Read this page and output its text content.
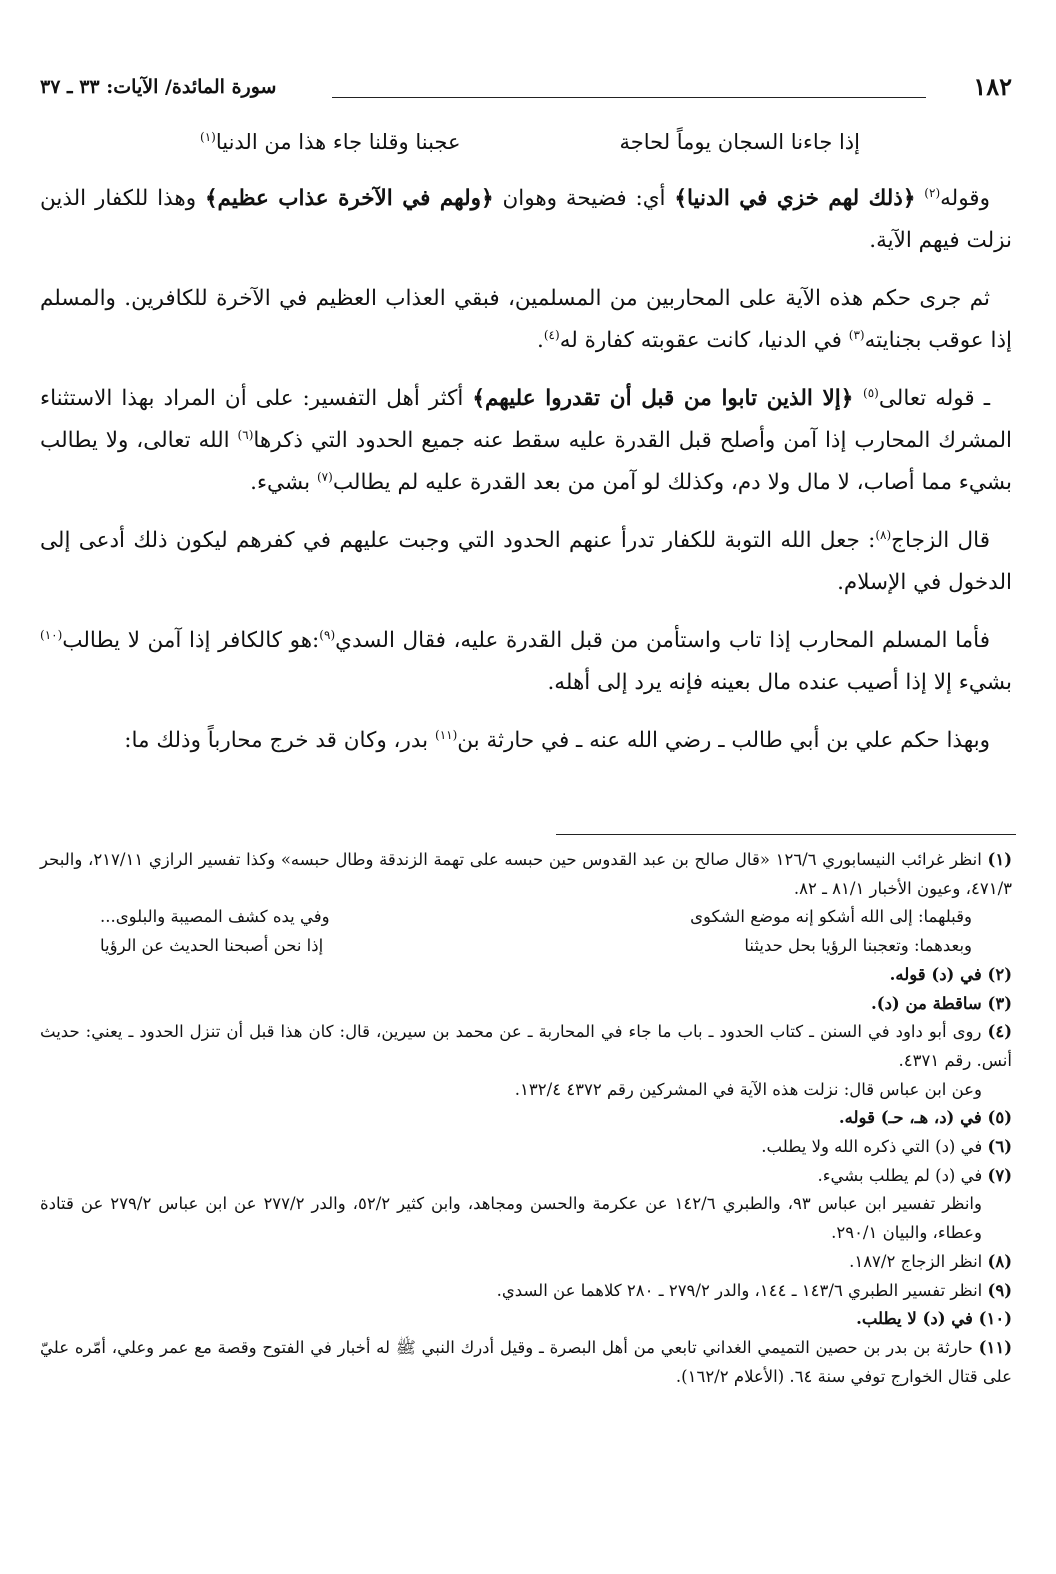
١٨٢
سورة المائدة/ الآيات: ٣٣ ـ ٣٧
إذا جاءنا السجان يوماً لحاجة
عجبنا وقلنا جاء هذا من الدنيا$^{(١)}$

وقوله$^{(٢)}$ ﴿ذلك لهم خزي في الدنيا﴾ أي: فضيحة وهوان ﴿ولهم في الآخرة عذاب عظيم﴾ وهذا للكفار الذين نزلت فيهم الآية.

ثم جرى حكم هذه الآية على المحاربين من المسلمين، فبقي العذاب العظيم في الآخرة للكافرين. والمسلم إذا عوقب بجنايته$^{(٣)}$ في الدنيا، كانت عقوبته كفارة له$^{(٤)}$.

ـ قوله تعالى$^{(٥)}$ ﴿إلا الذين تابوا من قبل أن تقدروا عليهم﴾ أكثر أهل التفسير: على أن المراد بهذا الاستثناء المشرك المحارب إذا آمن وأصلح قبل القدرة عليه سقط عنه جميع الحدود التي ذكرها$^{(٦)}$ الله تعالى، ولا يطالب بشيء مما أصاب، لا مال ولا دم، وكذلك لو آمن من بعد القدرة عليه لم يطالب$^{(٧)}$ بشيء.

قال الزجاج$^{(٨)}$: جعل الله التوبة للكفار تدرأ عنهم الحدود التي وجبت عليهم في كفرهم ليكون ذلك أدعى إلى الدخول في الإسلام.

فأما المسلم المحارب إذا تاب واستأمن من قبل القدرة عليه، فقال السدي$^{(٩)}$:هو كالكافر إذا آمن لا يطالب$^{(١٠)}$ بشيء إلا إذا أصيب عنده مال بعينه فإنه يرد إلى أهله.

وبهذا حكم علي بن أبي طالب ـ رضي الله عنه ـ في حارثة بن$^{(١١)}$ بدر، وكان قد خرج محارباً وذلك ما:

(١) انظر غرائب النيسابوري ١٢٦/٦ «قال صالح بن عبد القدوس حين حبسه على تهمة الزندقة وطال حبسه» وكذا تفسير الرازي ٢١٧/١١، والبحر ٤٧١/٣، وعيون الأخبار ٨١/١ ـ ٨٢.

وقبلهما: إلى الله أشكو إنه موضع الشكوى
وفي يده كشف المصيبة والبلوى...
وبعدهما: وتعجبنا الرؤيا بحل حديثنا
إذا نحن أصبحنا الحديث عن الرؤيا

(٢) في (د) قوله.

(٣) ساقطة من (د).

(٤) روى أبو داود في السنن ـ كتاب الحدود ـ باب ما جاء في المحاربة ـ عن محمد بن سيرين، قال: كان هذا قبل أن تنزل الحدود ـ يعني: حديث أنس. رقم ٤٣٧١.

وعن ابن عباس قال: نزلت هذه الآية في المشركين رقم ٤٣٧٢ ١٣٢/٤.

(٥) في (د، هـ، حـ) قوله.

(٦) في (د) التي ذكره الله ولا يطلب.

(٧) في (د) لم يطلب بشيء.

وانظر تفسير ابن عباس ٩٣، والطبري ١٤٢/٦ عن عكرمة والحسن ومجاهد، وابن كثير ٥٢/٢، والدر ٢٧٧/٢ عن ابن عباس ٢٧٩/٢ عن قتادة وعطاء، والبيان ٢٩٠/١.

(٨) انظر الزجاج ١٨٧/٢.

(٩) انظر تفسير الطبري ١٤٣/٦ ـ ١٤٤، والدر ٢٧٩/٢ ـ ٢٨٠ كلاهما عن السدي.

(١٠) في (د) لا يطلب.

(١١) حارثة بن بدر بن حصين التميمي الغداني تابعي من أهل البصرة ـ وقيل أدرك النبي ﷺ له أخبار في الفتوح وقصة مع عمر وعلي، أمّره عليّ على قتال الخوارج توفي سنة ٦٤. (الأعلام ١٦٢/٢).
